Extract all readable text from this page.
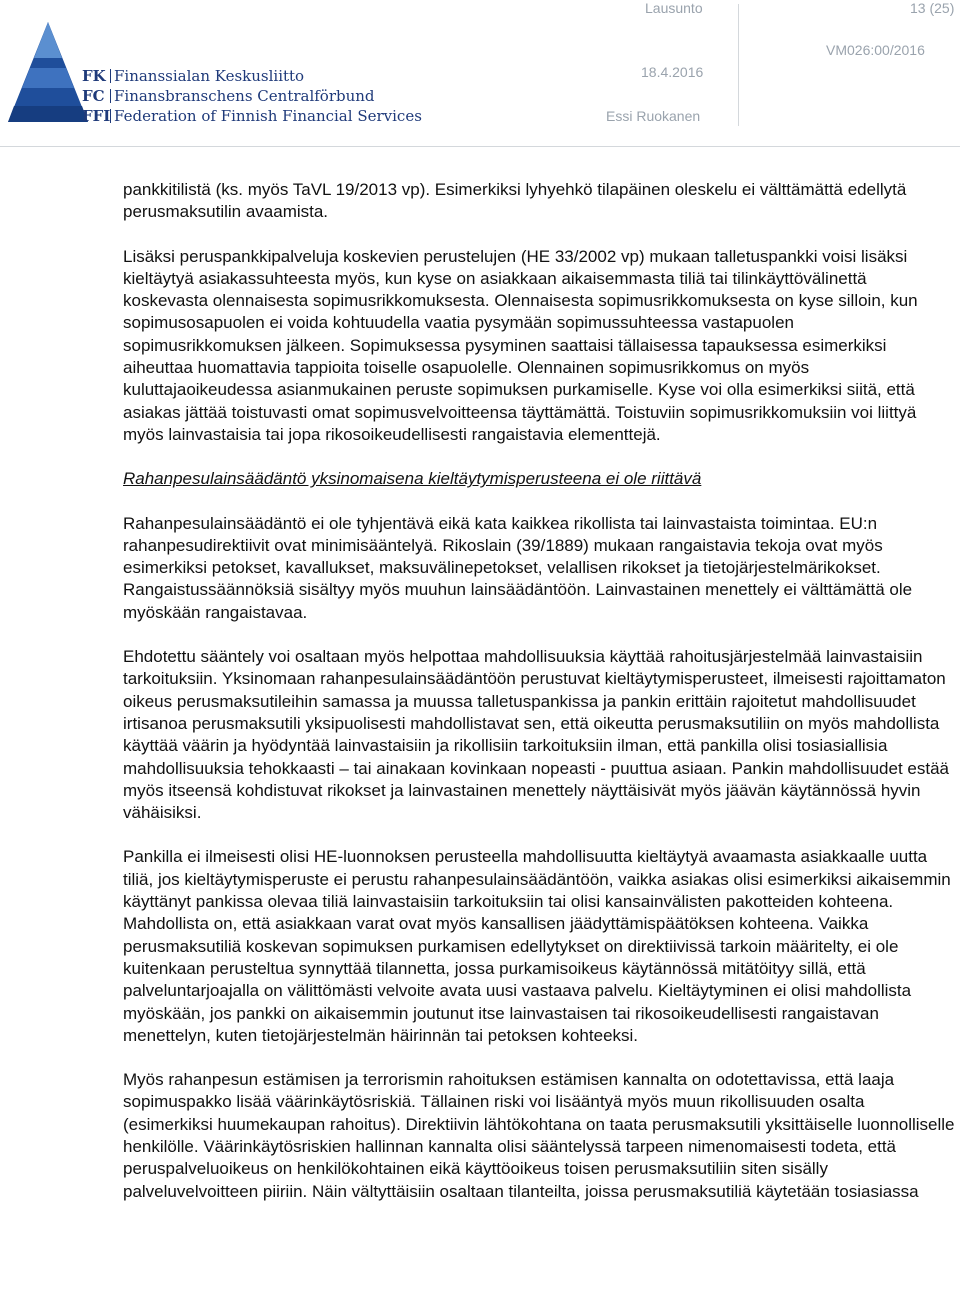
FK Finanssialan Keskusliitto
FC Finansbranschens Centralförbund
FFI Federation of Finnish Financial Services
Lausunto	13 (25)
VM026:00/2016
18.4.2016
Essi Ruokanen

pankkitilistä (ks. myös TaVL 19/2013 vp). Esimerkiksi lyhyehkö tilapäinen oleskelu ei välttämättä edellytä perusmaksutilin avaamista.

Lisäksi peruspankkipalveluja koskevien perustelujen (HE 33/2002 vp) mukaan talletuspankki voisi lisäksi kieltäytyä asiakassuhteesta myös, kun kyse on asiakkaan aikaisemmasta tiliä tai tilinkäyttövälinettä koskevasta olennaisesta sopimusrikkomuksesta. Olennaisesta sopimusrikkomuksesta on kyse silloin, kun sopimusosapuolen ei voida kohtuudella vaatia pysymään sopimussuhteessa vastapuolen sopimusrikkomuksen jälkeen. Sopimuksessa pysyminen saattaisi tällaisessa tapauksessa esimerkiksi aiheuttaa huomattavia tappioita toiselle osapuolelle. Olennainen sopimusrikkomus on myös kuluttajaoikeudessa asianmukainen peruste sopimuksen purkamiselle. Kyse voi olla esimerkiksi siitä, että asiakas jättää toistuvasti omat sopimusvelvoitteensa täyttämättä. Toistuviin sopimusrikkomuksiin voi liittyä myös lainvastaisia tai jopa rikosoikeudellisesti rangaistavia elementtejä.

Rahanpesulainsäädäntö yksinomaisena kieltäytymisperusteena ei ole riittävä

Rahanpesulainsäädäntö ei ole tyhjentävä eikä kata kaikkea rikollista tai lainvastaista toimintaa. EU:n rahanpesudirektiivit ovat minimisääntelyä. Rikoslain (39/1889) mukaan rangaistavia tekoja ovat myös esimerkiksi petokset, kavallukset, maksuvälinepetokset, velallisen rikokset ja tietojärjestelmärikokset. Rangaistussäännöksiä sisältyy myös muuhun lainsäädäntöön. Lainvastainen menettely ei välttämättä ole myöskään rangaistavaa.

Ehdotettu sääntely voi osaltaan myös helpottaa mahdollisuuksia käyttää rahoitusjärjestelmää lainvastaisiin tarkoituksiin. Yksinomaan rahanpesulainsäädäntöön perustuvat kieltäytymisperusteet, ilmeisesti rajoittamaton oikeus perusmaksutileihin samassa ja muussa talletuspankissa ja pankin erittäin rajoitetut mahdollisuudet irtisanoa perusmaksutili yksipuolisesti mahdollistavat sen, että oikeutta perusmaksutiliin on myös mahdollista käyttää väärin ja hyödyntää lainvastaisiin ja rikollisiin tarkoituksiin ilman, että pankilla olisi tosiasiallisia mahdollisuuksia tehokkaasti – tai ainakaan kovinkaan nopeasti - puuttua asiaan. Pankin mahdollisuudet estää myös itseensä kohdistuvat rikokset ja lainvastainen menettely näyttäisivät myös jäävän käytännössä hyvin vähäisiksi.

Pankilla ei ilmeisesti olisi HE-luonnoksen perusteella mahdollisuutta kieltäytyä avaamasta asiakkaalle uutta tiliä, jos kieltäytymisperuste ei perustu rahanpesulainsäädäntöön, vaikka asiakas olisi esimerkiksi aikaisemmin käyttänyt pankissa olevaa tiliä lainvastaisiin tarkoituksiin tai olisi kansainvälisten pakotteiden kohteena. Mahdollista on, että asiakkaan varat ovat myös kansallisen jäädyttämispäätöksen kohteena. Vaikka perusmaksutiliä koskevan sopimuksen purkamisen edellytykset on direktiivissä tarkoin määritelty, ei ole kuitenkaan perusteltua synnyttää tilannetta, jossa purkamisoikeus käytännössä mitätöityy sillä, että palveluntarjoajalla on välittömästi velvoite avata uusi vastaava palvelu. Kieltäytyminen ei olisi mahdollista myöskään, jos pankki on aikaisemmin joutunut itse lainvastaisen tai rikosoikeudellisesti rangaistavan menettelyn, kuten tietojärjestelmän häirinnän tai petoksen kohteeksi.

Myös rahanpesun estämisen ja terrorismin rahoituksen estämisen kannalta on odotettavissa, että laaja sopimuspakko lisää väärinkäytösriskiä. Tällainen riski voi lisääntyä myös muun rikollisuuden osalta (esimerkiksi huumekaupan rahoitus). Direktiivin lähtökohtana on taata perusmaksutili yksittäiselle luonnolliselle henkilölle. Väärinkäytösriskien hallinnan kannalta olisi sääntelyssä tarpeen nimenomaisesti todeta, että peruspalveluoikeus on henkilökohtainen eikä käyttöoikeus toisen perusmaksutiliin siten sisälly palveluvelvoitteen piiriin. Näin vältyttäisiin osaltaan tilanteilta, joissa perusmaksutiliä käytetään tosiasiassa
